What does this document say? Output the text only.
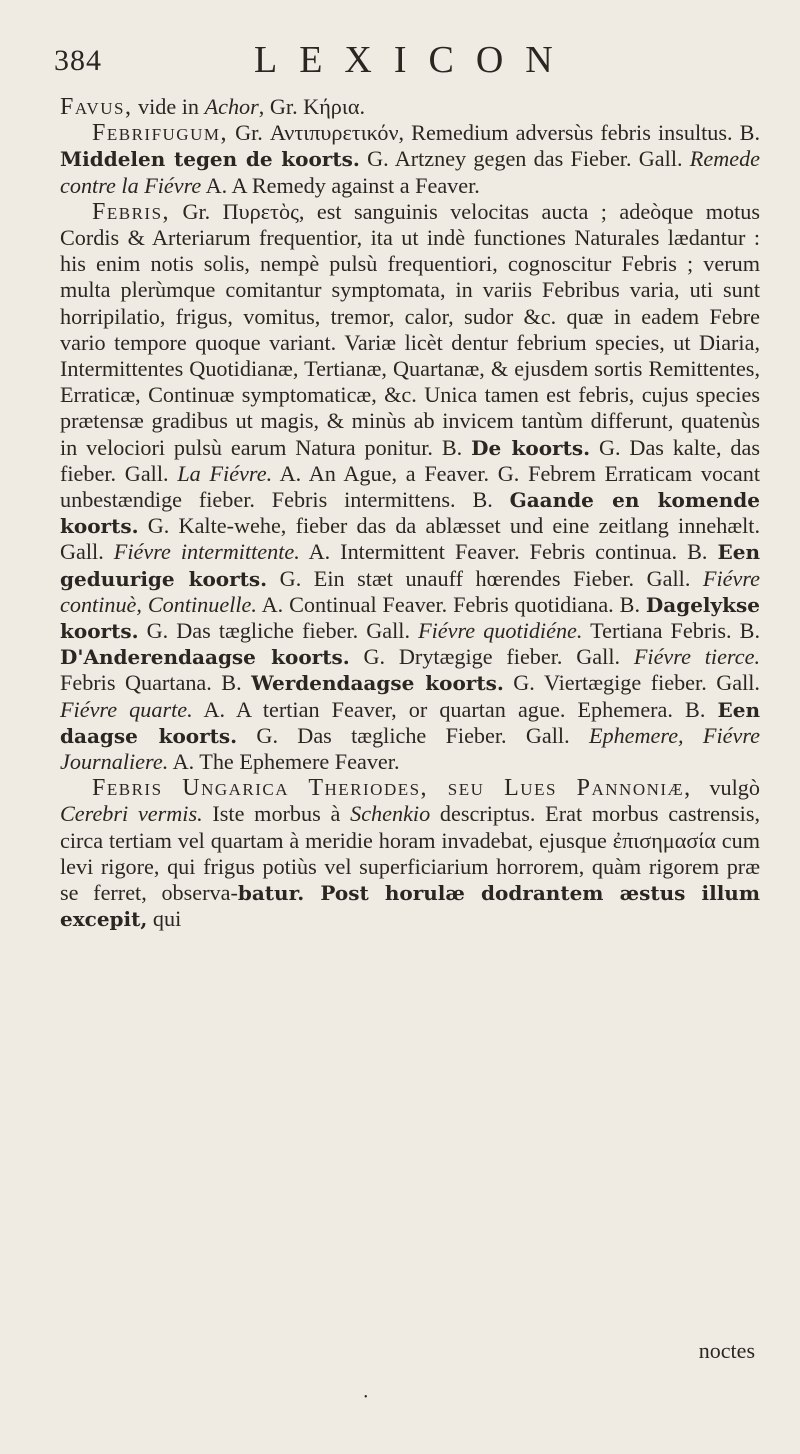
384	LEXICON

Favus, vide in Achor, Gr. Κήρια.

Febrifugum, Gr. Αντιπυρετικόν, Remedium adversùs febris insultus. B. Middelen tegen de koorts. G. Artzney gegen das Fieber. Gall. Remede contre la Fiévre A. A Remedy against a Feaver.

Febris, Gr. Πυρετὸς, est sanguinis velocitas aucta ; adeòque motus Cordis & Arteriarum frequentior, ita ut indè functiones Naturales lædantur : his enim notis solis, nempè pulsù frequentiori, cognoscitur Febris ; verum multa plerùmque comitantur symptomata, in variis Febribus varia, uti sunt horripilatio, frigus, vomitus, tremor, calor, sudor &c. quæ in eadem Febre vario tempore quoque variant. Variæ licèt dentur febrium species, ut Diaria, Intermittentes Quotidianæ, Tertianæ, Quartanæ, & ejusdem sortis Remittentes, Erraticæ, Continuæ symptomaticæ, &c. Unica tamen est febris, cujus species prætensæ gradibus ut magis, & minùs ab invicem tantùm differunt, quatenùs in velociori pulsù earum Natura ponitur. B. De koorts. G. Das kalte, das fieber. Gall. La Fiévre. A. An Ague, a Feaver. G. Febrem Erraticam vocant unbestændige fieber. Febris intermittens. B. Gaande en komende koorts. G. Kalte-wehe, fieber das da ablæsset und eine zeitlang innehælt. Gall. Fiévre intermittente. A. Intermittent Feaver. Febris continua. B. Een geduurige koorts. G. Ein stæt unauff hœrendes Fieber. Gall. Fiévre continuè, Continuelle. A. Continual Feaver. Febris quotidiana. B. Dagelykse koorts. G. Das tægliche fieber. Gall. Fiévre quotidiéne. Tertiana Febris. B. D'Anderendaagse koorts. G. Drytægige fieber. Gall. Fiévre tierce. Febris Quartana. B. Werdendaagse koorts. G. Viertægige fieber. Gall. Fiévre quarte. A. A tertian Feaver, or quartan ague. Ephemera. B. Een daagse koorts. G. Das tægliche Fieber. Gall. Ephemere, Fiévre Journaliere. A. The Ephemere Feaver.

Febris Ungarica Theriodes, seu Lues Pannoniæ, vulgò Cerebri vermis. Iste morbus à Schenkio descriptus. Erat morbus castrensis, circa tertiam vel quartam à meridie horam invadebat, ejusque ἐπισημασία cum levi rigore, qui frigus potiùs vel superficiarium horrorem, quàm rigorem præ se ferret, observa-batur. Post horulæ dodrantem æstus illum excepit, qui

noctes
•
